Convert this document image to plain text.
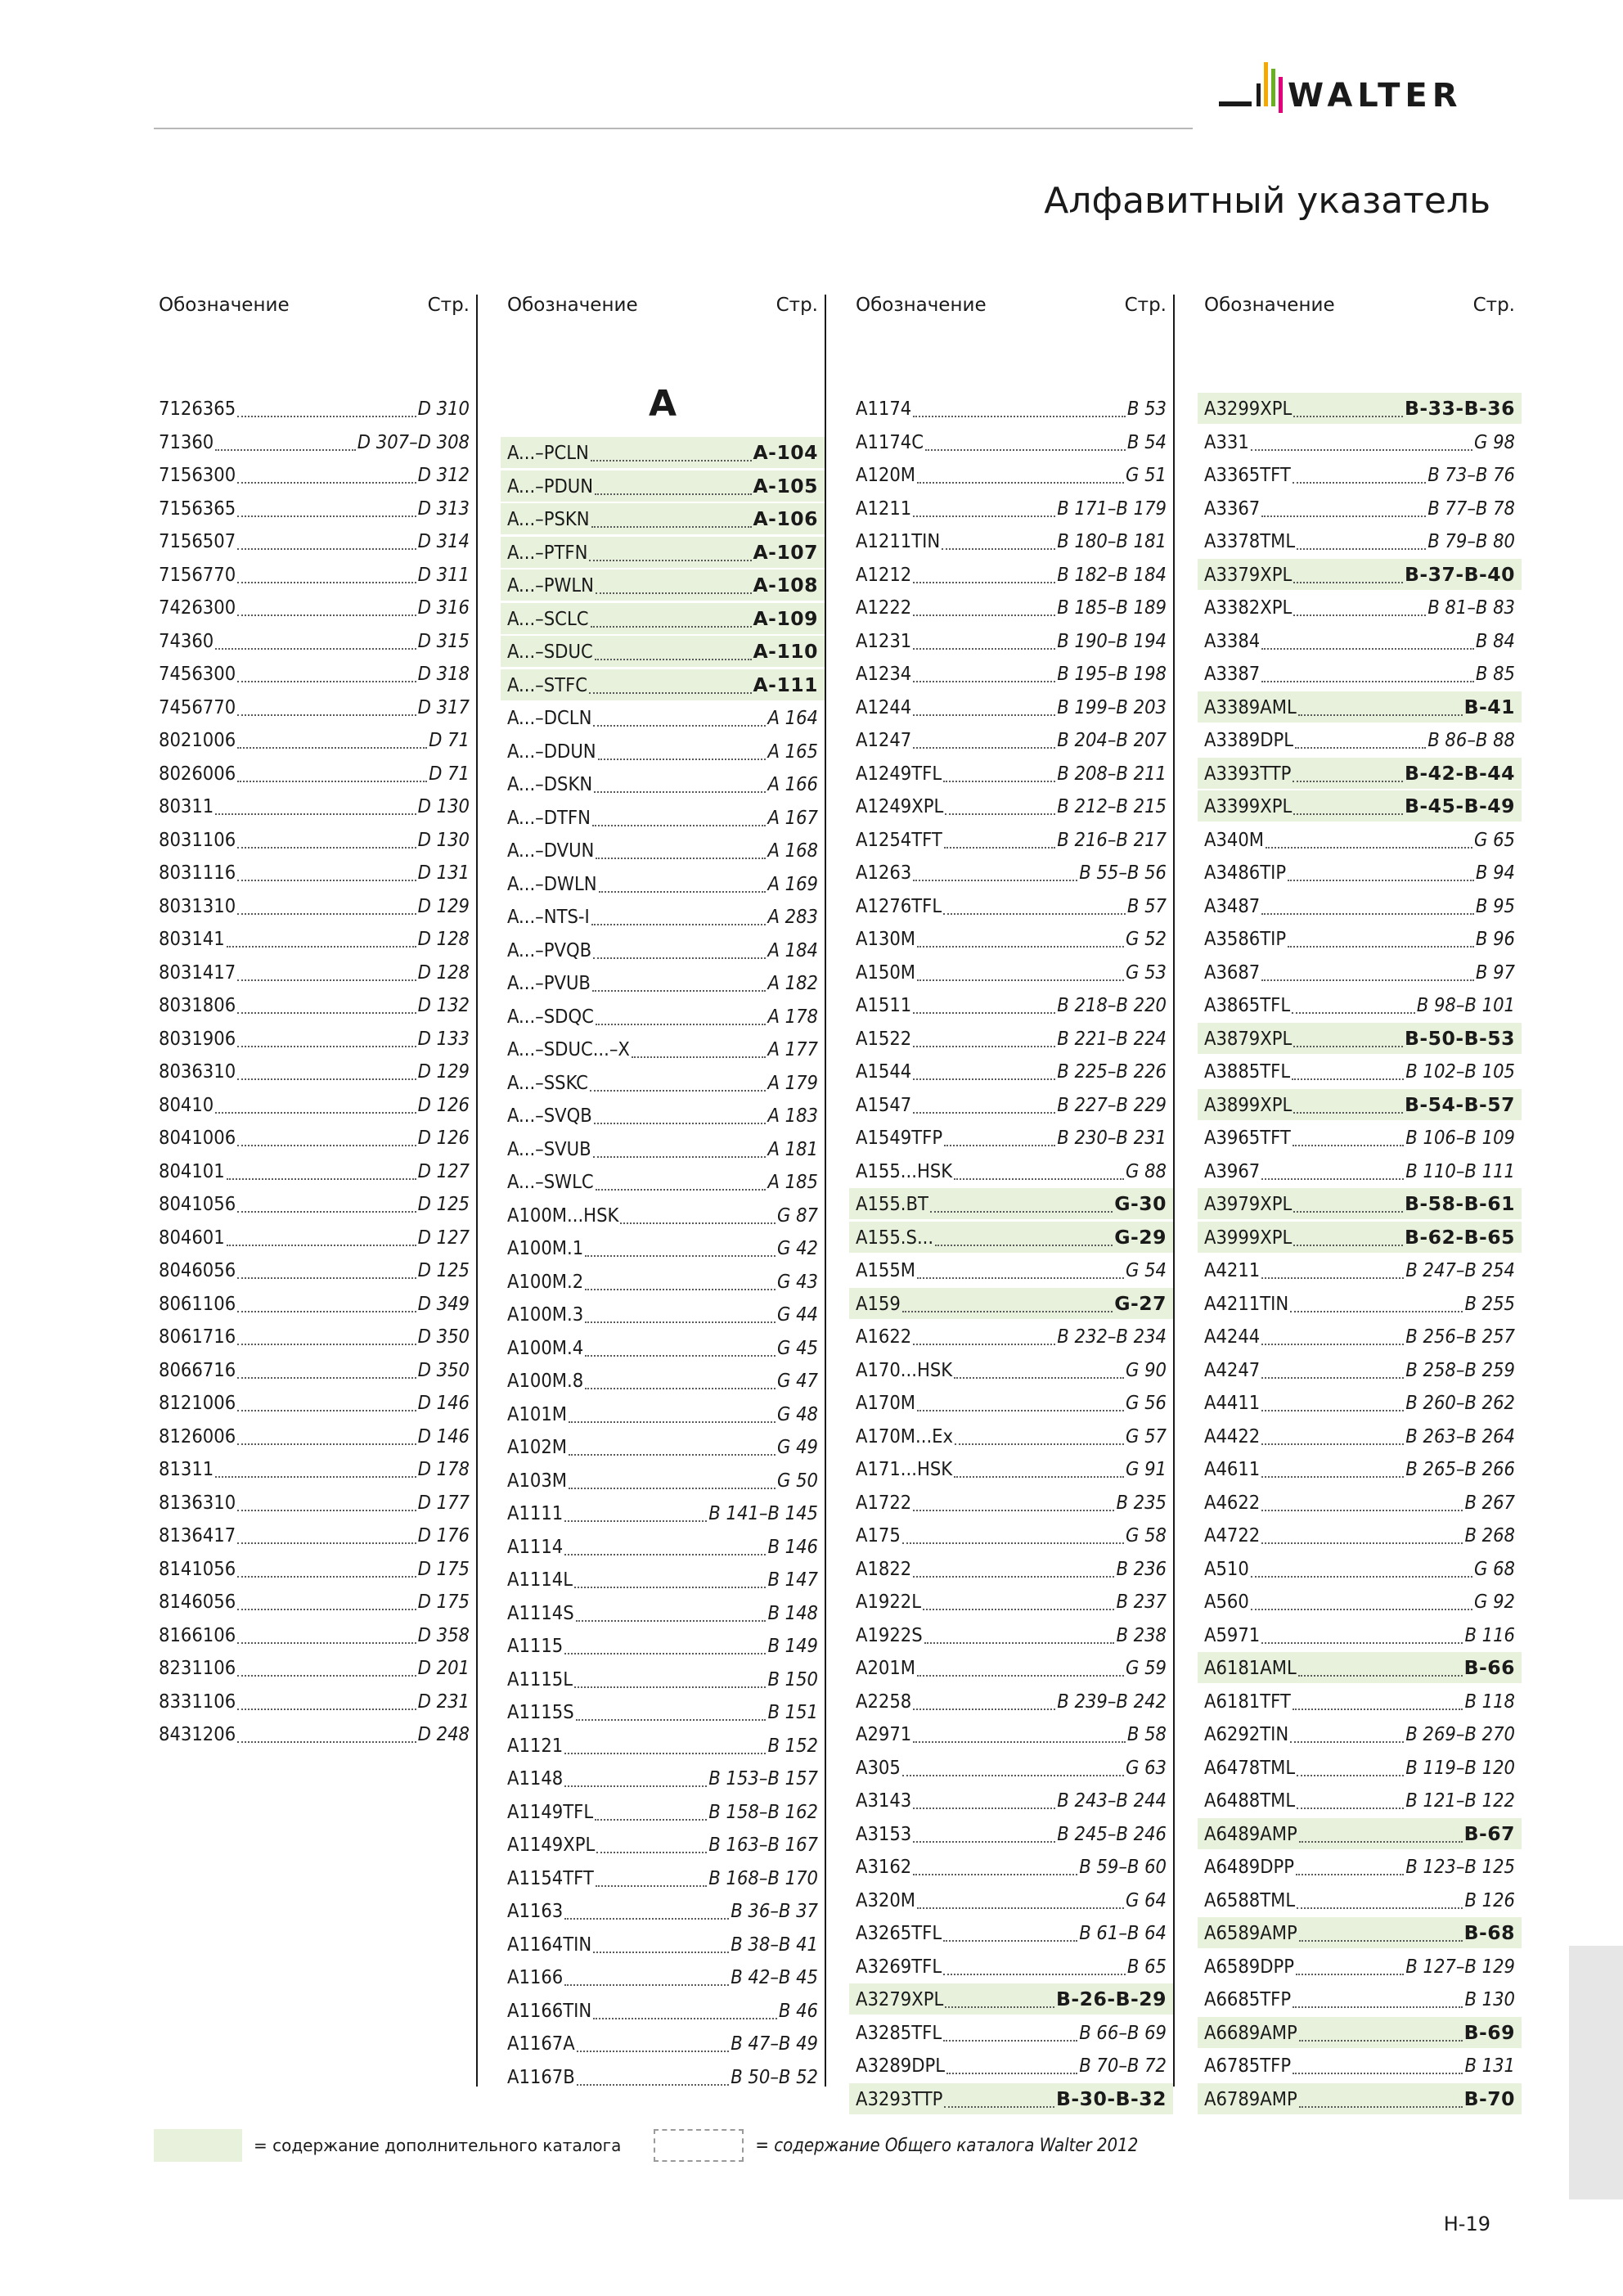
WALTER
Алфавитный указатель
Обозначение	Стр.
7126365	D 310
71360	D 307–D 308
7156300	D 312
7156365	D 313
7156507	D 314
7156770	D 311
7426300	D 316
74360	D 315
7456300	D 318
7456770	D 317
8021006	D 71
8026006	D 71
80311	D 130
8031106	D 130
8031116	D 131
8031310	D 129
803141	D 128
8031417	D 128
8031806	D 132
8031906	D 133
8036310	D 129
80410	D 126
8041006	D 126
804101	D 127
8041056	D 125
804601	D 127
8046056	D 125
8061106	D 349
8061716	D 350
8066716	D 350
8121006	D 146
8126006	D 146
81311	D 178
8136310	D 177
8136417	D 176
8141056	D 175
8146056	D 175
8166106	D 358
8231106	D 201
8331106	D 231
8431206	D 248
Обозначение	Стр.
A
A...–PCLN	A-104
A...–PDUN	A-105
A...–PSKN	A-106
A...–PTFN	A-107
A...–PWLN	A-108
A...–SCLC	A-109
A...–SDUC	A-110
A...–STFC	A-111
A...–DCLN	A 164
A...–DDUN	A 165
A...–DSKN	A 166
A...–DTFN	A 167
A...–DVUN	A 168
A...–DWLN	A 169
A...–NTS-I	A 283
A...–PVQB	A 184
A...–PVUB	A 182
A...–SDQC	A 178
A...–SDUC...–X	A 177
A...–SSKC	A 179
A...–SVQB	A 183
A...–SVUB	A 181
A...–SWLC	A 185
A100M...HSK	G 87
A100M.1	G 42
A100M.2	G 43
A100M.3	G 44
A100M.4	G 45
A100M.8	G 47
A101M	G 48
A102M	G 49
A103M	G 50
A1111	B 141–B 145
A1114	B 146
A1114L	B 147
A1114S	B 148
A1115	B 149
A1115L	B 150
A1115S	B 151
A1121	B 152
A1148	B 153–B 157
A1149TFL	B 158–B 162
A1149XPL	B 163–B 167
A1154TFT	B 168–B 170
A1163	B 36–B 37
A1164TIN	B 38–B 41
A1166	B 42–B 45
A1166TIN	B 46
A1167A	B 47–B 49
A1167B	B 50–B 52
Обозначение	Стр.
A1174	B 53
A1174C	B 54
A120M	G 51
A1211	B 171–B 179
A1211TIN	B 180–B 181
A1212	B 182–B 184
A1222	B 185–B 189
A1231	B 190–B 194
A1234	B 195–B 198
A1244	B 199–B 203
A1247	B 204–B 207
A1249TFL	B 208–B 211
A1249XPL	B 212–B 215
A1254TFT	B 216–B 217
A1263	B 55–B 56
A1276TFL	B 57
A130M	G 52
A150M	G 53
A1511	B 218–B 220
A1522	B 221–B 224
A1544	B 225–B 226
A1547	B 227–B 229
A1549TFP	B 230–B 231
A155...HSK	G 88
A155.BT	G-30
A155.S...	G-29
A155M	G 54
A159	G-27
A1622	B 232–B 234
A170...HSK	G 90
A170M	G 56
A170M...Ex	G 57
A171...HSK	G 91
A1722	B 235
A175	G 58
A1822	B 236
A1922L	B 237
A1922S	B 238
A201M	G 59
A2258	B 239–B 242
A2971	B 58
A305	G 63
A3143	B 243–B 244
A3153	B 245–B 246
A3162	B 59–B 60
A320M	G 64
A3265TFL	B 61–B 64
A3269TFL	B 65
A3279XPL	B-26-B-29
A3285TFL	B 66–B 69
A3289DPL	B 70–B 72
A3293TTP	B-30-B-32
Обозначение	Стр.
A3299XPL	B-33-B-36
A331	G 98
A3365TFT	B 73–B 76
A3367	B 77–B 78
A3378TML	B 79–B 80
A3379XPL	B-37-B-40
A3382XPL	B 81–B 83
A3384	B 84
A3387	B 85
A3389AML	B-41
A3389DPL	B 86–B 88
A3393TTP	B-42-B-44
A3399XPL	B-45-B-49
A340M	G 65
A3486TIP	B 94
A3487	B 95
A3586TIP	B 96
A3687	B 97
A3865TFL	B 98–B 101
A3879XPL	B-50-B-53
A3885TFL	B 102–B 105
A3899XPL	B-54-B-57
A3965TFT	B 106–B 109
A3967	B 110–B 111
A3979XPL	B-58-B-61
A3999XPL	B-62-B-65
A4211	B 247–B 254
A4211TIN	B 255
A4244	B 256–B 257
A4247	B 258–B 259
A4411	B 260–B 262
A4422	B 263–B 264
A4611	B 265–B 266
A4622	B 267
A4722	B 268
A510	G 68
A560	G 92
A5971	B 116
A6181AML	B-66
A6181TFT	B 118
A6292TIN	B 269–B 270
A6478TML	B 119–B 120
A6488TML	B 121–B 122
A6489AMP	B-67
A6489DPP	B 123–B 125
A6588TML	B 126
A6589AMP	B-68
A6589DPP	B 127–B 129
A6685TFP	B 130
A6689AMP	B-69
A6785TFP	B 131
A6789AMP	B-70
= содержание дополнительного каталога	= содержание Общего каталога Walter 2012
H-19
